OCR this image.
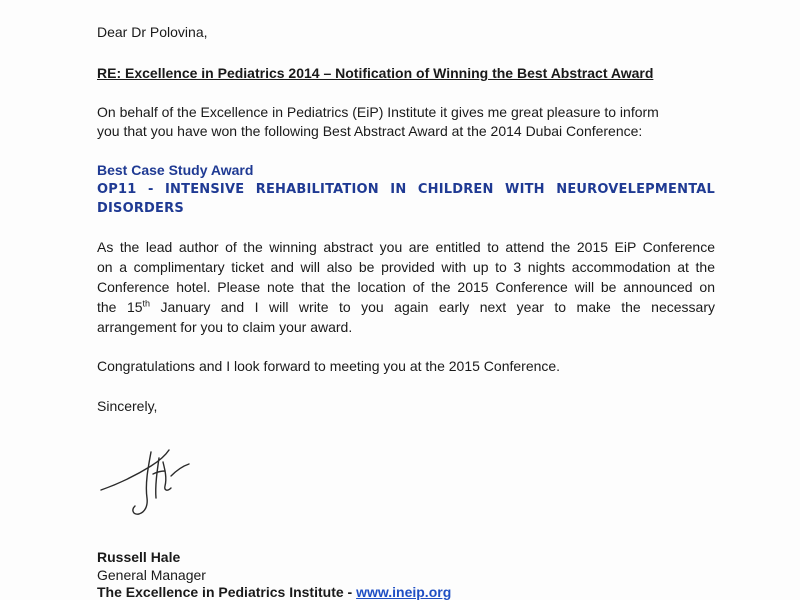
Dear Dr Polovina,
RE: Excellence in Pediatrics 2014 – Notification of Winning the Best Abstract Award
On behalf of the Excellence in Pediatrics (EiP) Institute it gives me great pleasure to inform
you that you have won the following Best Abstract Award at the 2014 Dubai Conference:
Best Case Study Award
OP11 - INTENSIVE REHABILITATION IN CHILDREN WITH NEUROVELEPMENTAL
DISORDERS
As the lead author of the winning abstract you are entitled to attend the 2015 EiP Conference
on a complimentary ticket and will also be provided with up to 3 nights accommodation at the
Conference hotel. Please note that the location of the 2015 Conference will be announced on
the 15th January and I will write to you again early next year to make the necessary
arrangement for you to claim your award.
Congratulations and I look forward to meeting you at the 2015 Conference.
Sincerely,
Russell Hale
General Manager
The Excellence in Pediatrics Institute - www.ineip.org
